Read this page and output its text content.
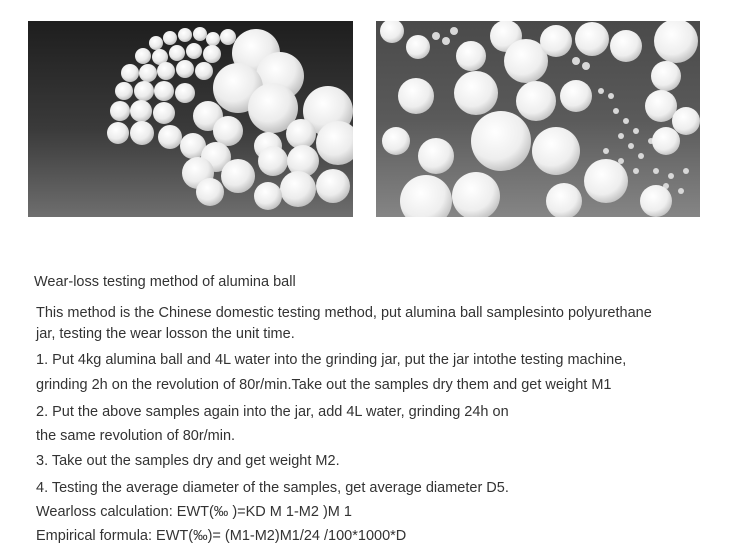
Wear-loss testing method of alumina ball
This method is the Chinese domestic testing method, put alumina ball samplesinto polyurethane
jar, testing the wear losson the unit time.
1. Put 4kg alumina ball and 4L water into the grinding jar, put the jar intothe testing machine,
grinding 2h on the revolution of 80r/min.Take out the samples dry them and get weight M1
2. Put the above samples again into the jar, add 4L water, grinding 24h on
the same revolution of 80r/min.
3. Take out the samples dry and get weight M2.
4. Testing the average diameter of the samples, get average diameter D5.
Wearloss calculation: EWT(‰ )=KD M 1-M2 )M 1
Empirical formula: EWT(‰)= (M1-M2)M1/24 /100*1000*D
